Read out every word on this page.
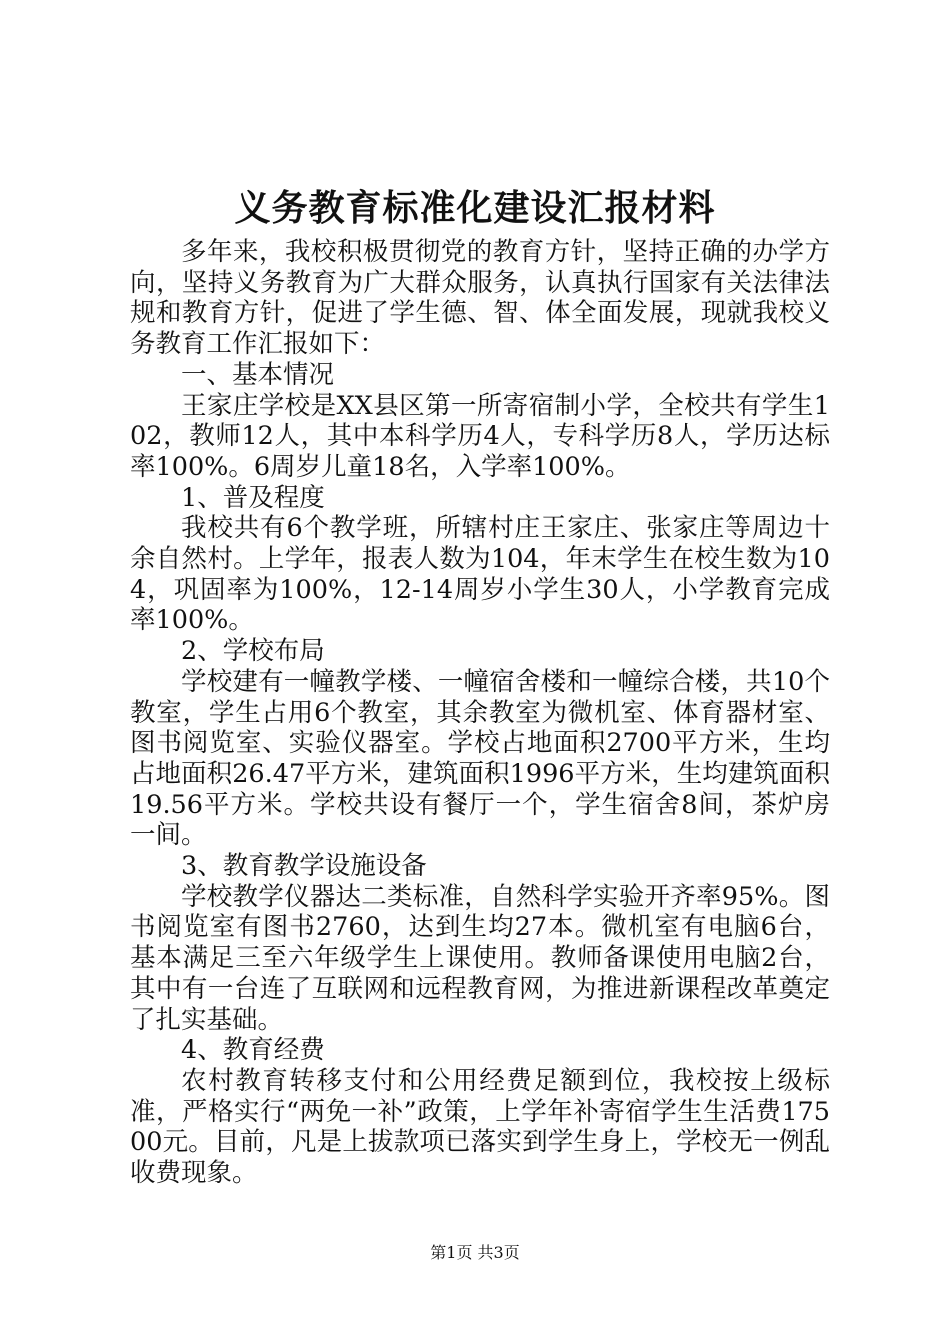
义务教育标准化建设汇报材料

多年来，我校积极贯彻党的教育方针，坚持正确的办学方向，坚持义务教育为广大群众服务，认真执行国家有关法律法规和教育方针，促进了学生德、智、体全面发展，现就我校义务教育工作汇报如下：

一、基本情况

王家庄学校是XX县区第一所寄宿制小学，全校共有学生102，教师12人，其中本科学历4人，专科学历8人，学历达标率100%。6周岁儿童18名，入学率100%。

1、普及程度

我校共有6个教学班，所辖村庄王家庄、张家庄等周边十余自然村。上学年，报表人数为104，年末学生在校生数为104，巩固率为100%，12-14周岁小学生30人，小学教育完成率100%。

2、学校布局

学校建有一幢教学楼、一幢宿舍楼和一幢综合楼，共10个教室，学生占用6个教室，其余教室为微机室、体育器材室、图书阅览室、实验仪器室。学校占地面积2700平方米，生均占地面积26.47平方米，建筑面积1996平方米，生均建筑面积19.56平方米。学校共设有餐厅一个，学生宿舍8间，茶炉房一间。

3、教育教学设施设备

学校教学仪器达二类标准，自然科学实验开齐率95%。图书阅览室有图书2760，达到生均27本。微机室有电脑6台，基本满足三至六年级学生上课使用。教师备课使用电脑2台，其中有一台连了互联网和远程教育网，为推进新课程改革奠定了扎实基础。

4、教育经费

农村教育转移支付和公用经费足额到位，我校按上级标准，严格实行“两免一补”政策，上学年补寄宿学生生活费17500元。目前，凡是上拔款项已落实到学生身上，学校无一例乱收费现象。

第1页 共3页
